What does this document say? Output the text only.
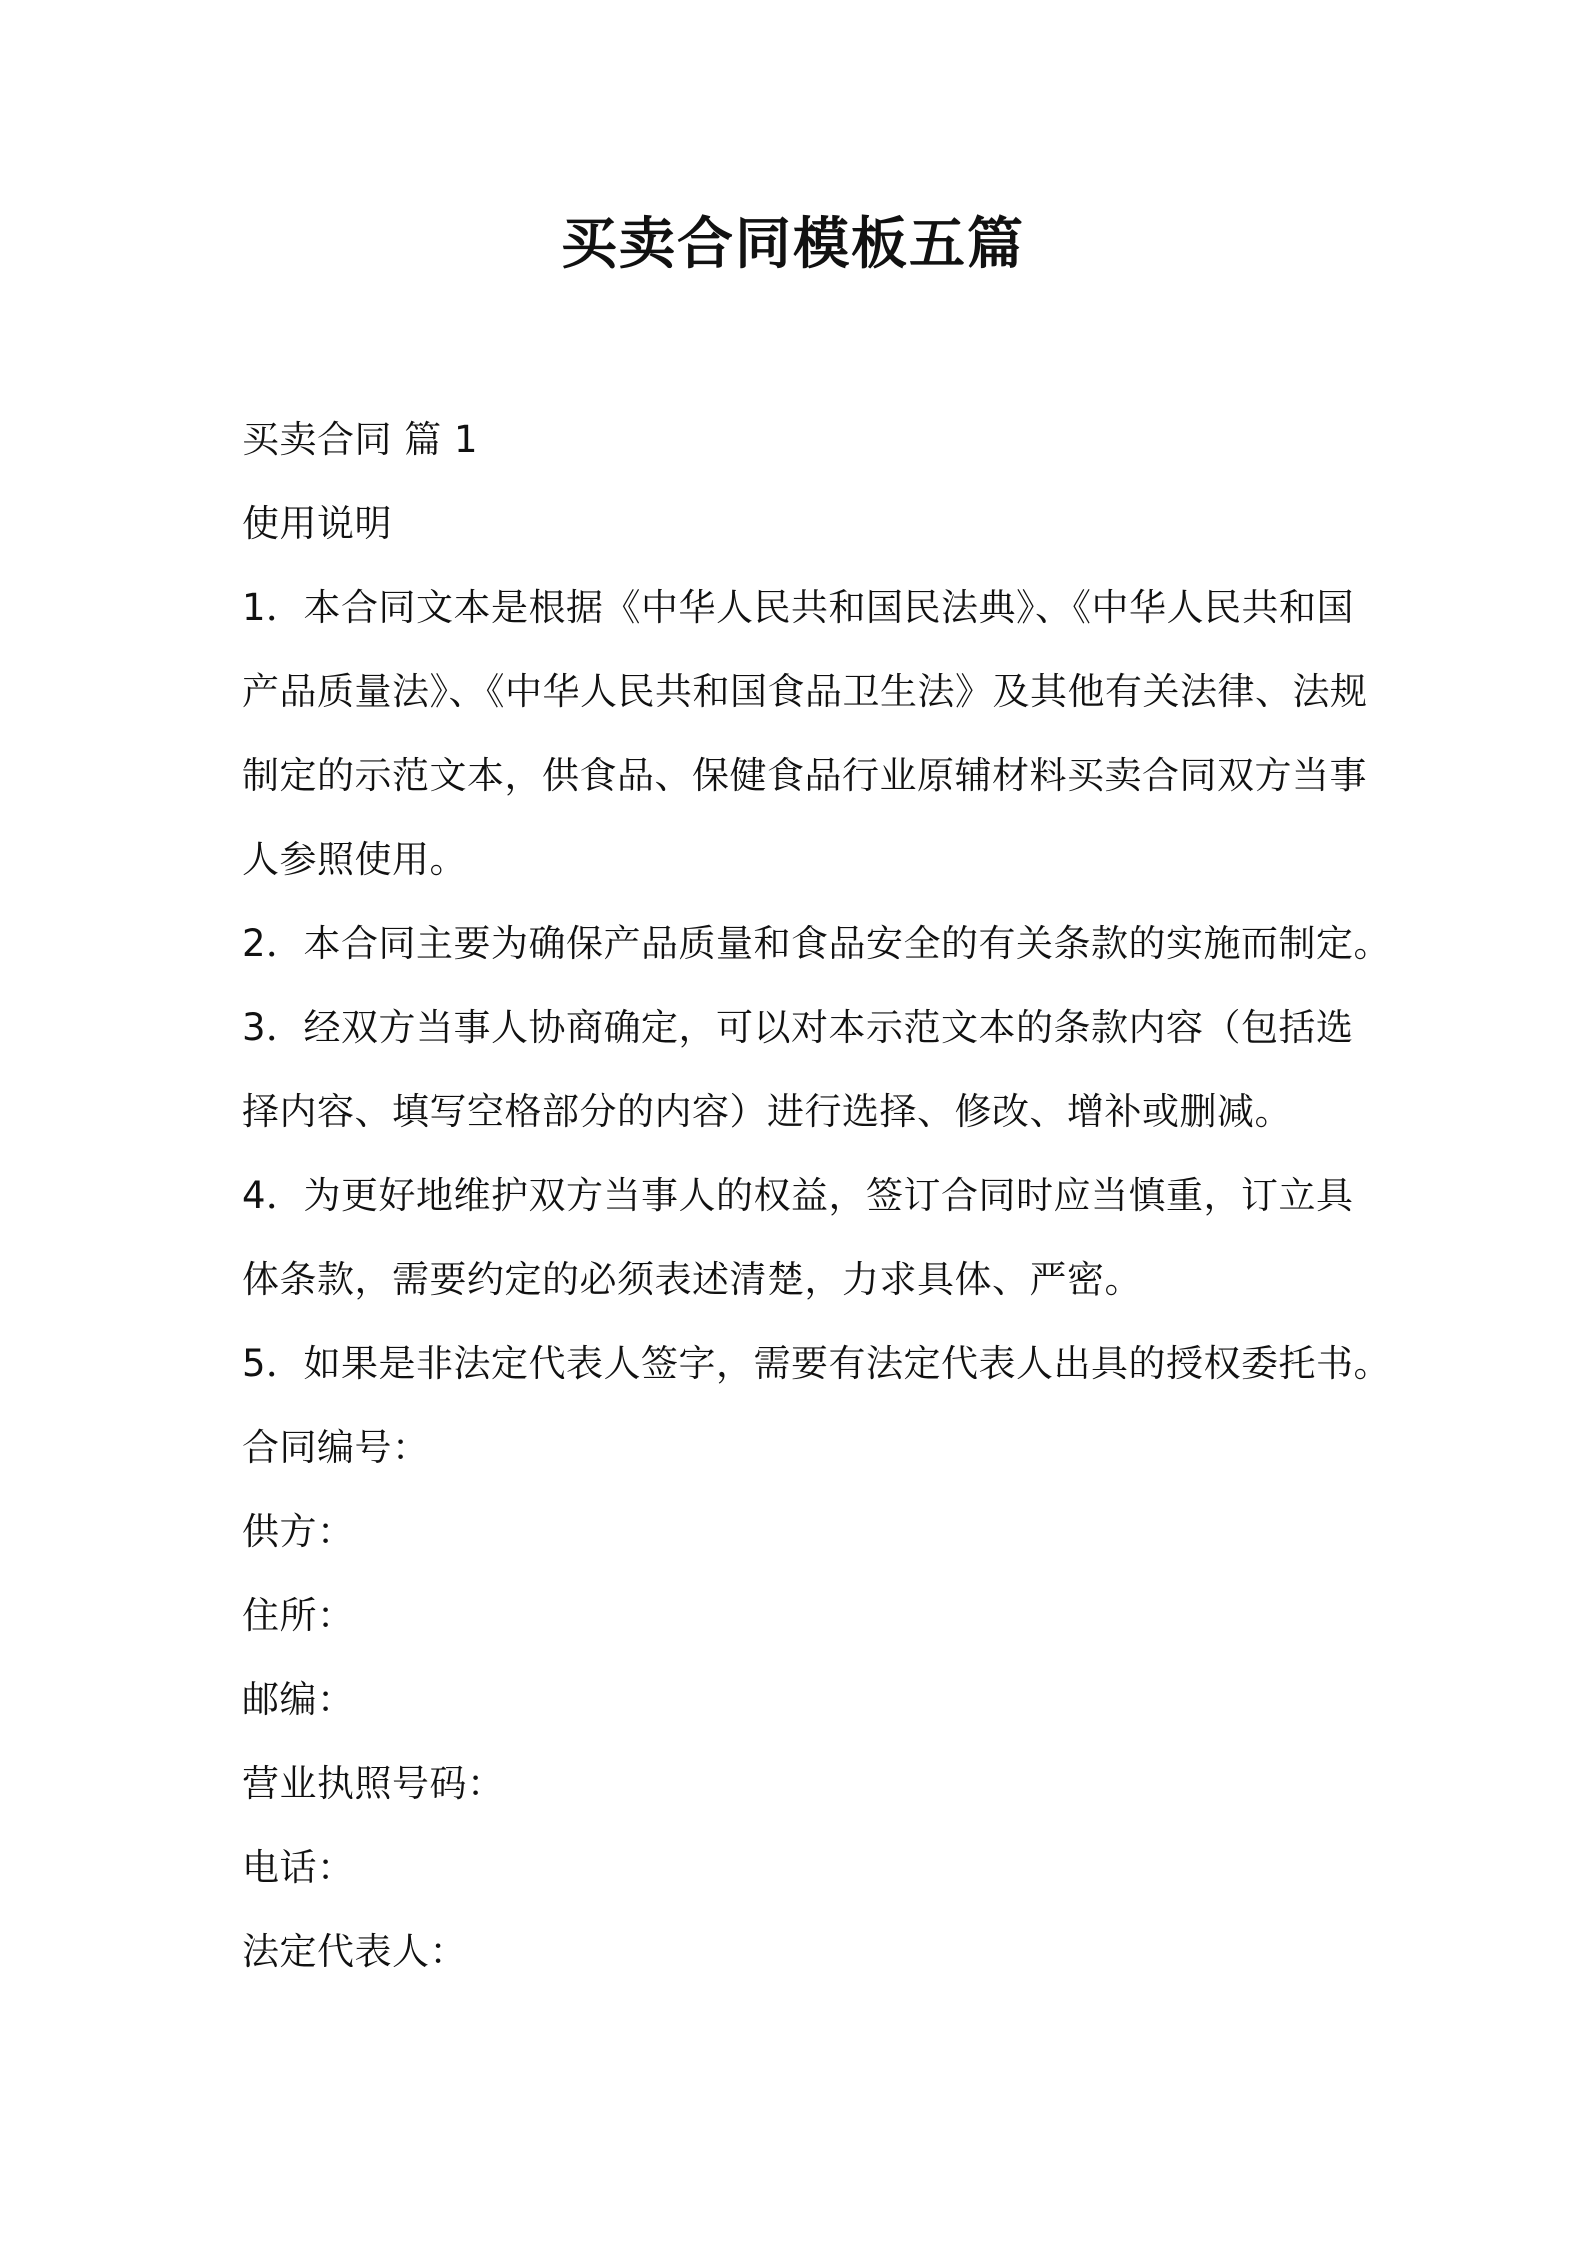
买卖合同模板五篇
买卖合同 篇 1
使用说明
1．本合同文本是根据《中华人民共和国民法典》、《中华人民共和国
产品质量法》、《中华人民共和国食品卫生法》及其他有关法律、法规
制定的示范文本，供食品、保健食品行业原辅材料买卖合同双方当事
人参照使用。
2．本合同主要为确保产品质量和食品安全的有关条款的实施而制定。
3．经双方当事人协商确定，可以对本示范文本的条款内容（包括选
择内容、填写空格部分的内容）进行选择、修改、增补或删减。
4．为更好地维护双方当事人的权益，签订合同时应当慎重，订立具
体条款，需要约定的必须表述清楚，力求具体、严密。
5．如果是非法定代表人签字，需要有法定代表人出具的授权委托书。
合同编号：
供方：
住所：
邮编：
营业执照号码：
电话：
法定代表人：
